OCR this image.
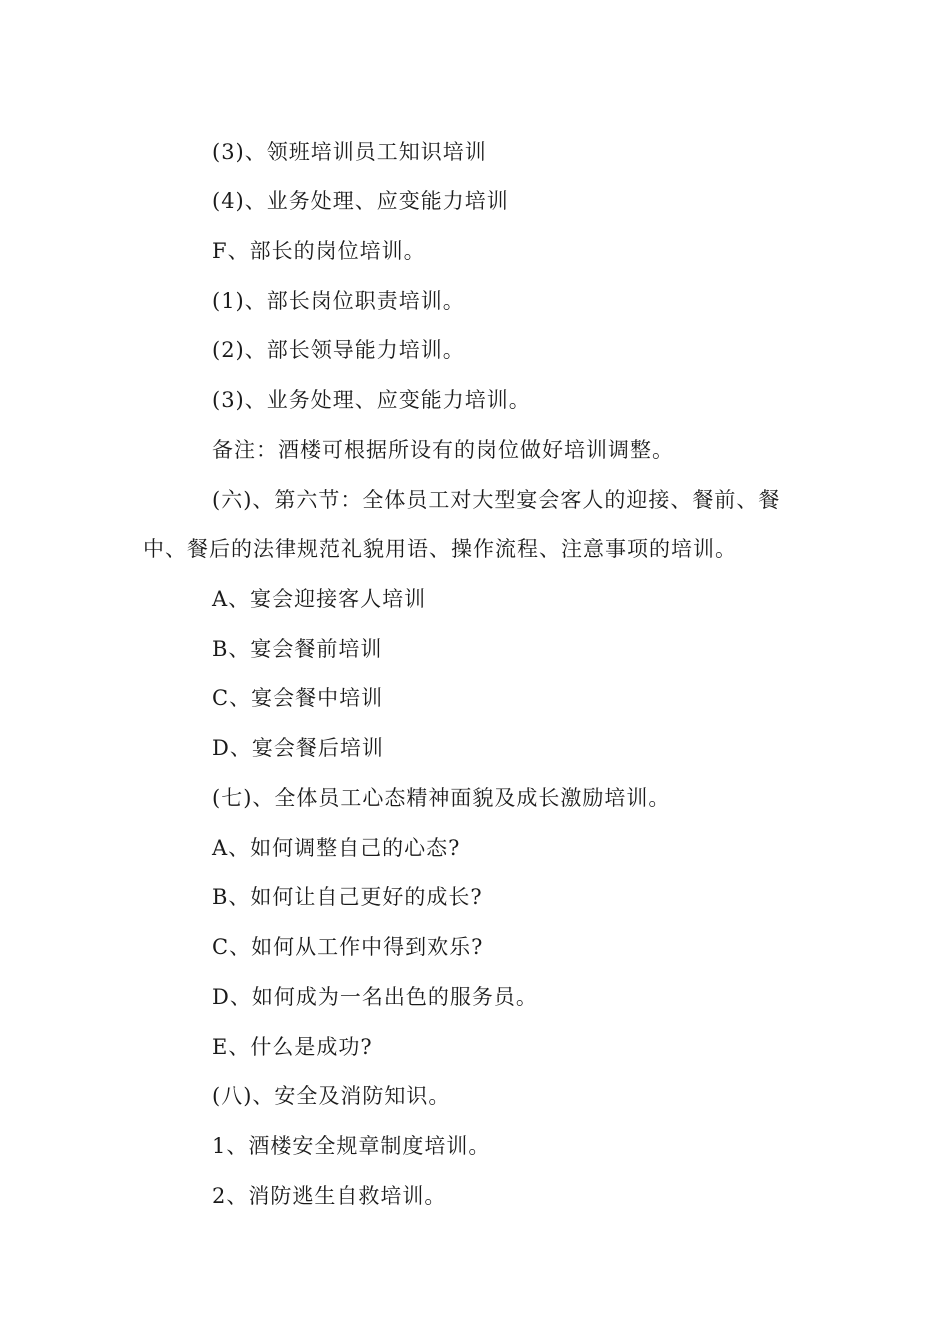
(3)、领班培训员工知识培训
(4)、业务处理、应变能力培训
F、部长的岗位培训。
(1)、部长岗位职责培训。
(2)、部长领导能力培训。
(3)、业务处理、应变能力培训。
备注：酒楼可根据所设有的岗位做好培训调整。
(六)、第六节：全体员工对大型宴会客人的迎接、餐前、餐
中、餐后的法律规范礼貌用语、操作流程、注意事项的培训。
A、宴会迎接客人培训
B、宴会餐前培训
C、宴会餐中培训
D、宴会餐后培训
(七)、全体员工心态精神面貌及成长激励培训。
A、如何调整自己的心态?
B、如何让自己更好的成长?
C、如何从工作中得到欢乐?
D、如何成为一名出色的服务员。
E、什么是成功?
(八)、安全及消防知识。
1、酒楼安全规章制度培训。
2、消防逃生自救培训。
